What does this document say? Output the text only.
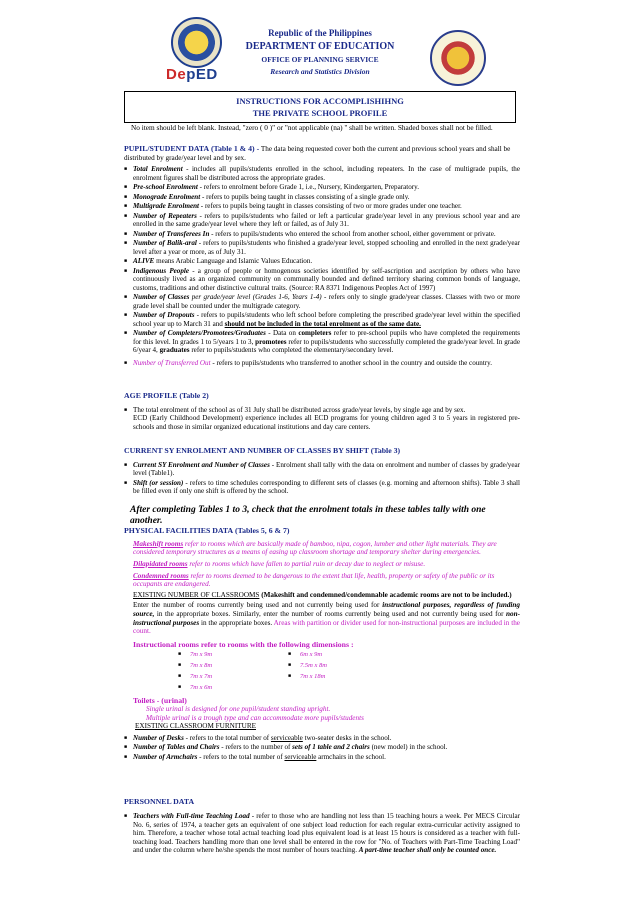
DepED
Republic of the Philippines
DEPARTMENT OF EDUCATION
OFFICE OF PLANNING SERVICE
Research and Statistics Division
INSTRUCTIONS FOR ACCOMPLISHIHNG
THE PRIVATE SCHOOL PROFILE
No item should be left blank. Instead, "zero ( 0 )" or "not applicable (na) " shall be written. Shaded boxes shall not be filled.
PUPIL/STUDENT DATA (Table 1 & 4) - The data being requested cover both the current and previous school years and shall be distributed by grade/year level and by sex.
■ Total Enrolment - includes all pupils/students enrolled in the school, including repeaters. In the case of multigrade pupils, the enrolment figures shall be distributed across the appropriate grades.
■ Pre-school Enrolment - refers to enrolment before Grade 1, i.e., Nursery, Kindergarten, Preparatory.
■ Monograde Enrolment - refers to pupils being taught in classes consisting of a single grade only.
■ Multigrade Enrolment - refers to pupils being taught in classes consisting of two or more grades under one teacher.
■ Number of Repeaters - refers to pupils/students who failed or left a particular grade/year level in any previous school year and are enrolled in the same grade/year level where they left or failed, as of July 31.
■ Number of Transferees In - refers to pupils/students who entered the school from another school, either government or private.
■ Number of Balik-aral - refers to pupils/students who finished a grade/year level, stopped schooling and enrolled in the next grade/year level after a year or more, as of July 31.
■ ALIVE means Arabic Language and Islamic Values Education.
■ Indigenous People - a group of people or homogenous societies identified by self-ascription and ascription by others who have continuously lived as an organized community on communally bounded and defined territory sharing common bonds of language, customs, traditions and other distinctive cultural traits. (Source: RA 8371 Indigenous Peoples Act of 1997)
■ Number of Classes per grade/year level (Grades 1-6, Years 1-4) - refers only to single grade/year classes. Classes with two or more grade level shall be counted under the multigrade category.
■ Number of Dropouts - refers to pupils/students who left school before completing the prescribed grade/year level within the specified school year up to March 31 and should not be included in the total enrolment as of the same date.
■ Number of Completers/Promotees/Graduates - Data on completers refer to pre-school pupils who have completed the requirements for this level. In grades 1 to 5/years 1 to 3, promotees refer to pupils/students who successfully completed the grade/year level. In grade 6/year 4, graduates refer to pupils/students who completed the elementary/secondary level.
■ Number of Transferred Out - refers to pupils/students who transferred to another school in the country and outside the country.
AGE PROFILE (Table 2)
■ The total enrolment of the school as of 31 July shall be distributed across grade/year levels, by single age and by sex.
ECD (Early Childhood Development) experience includes all ECD programs for young children aged 3 to 5 years in registered pre-schools and those in similar organized educational institutions and day care centers.
CURRENT SY ENROLMENT AND NUMBER OF CLASSES BY SHIFT (Table 3)
■ Current SY Enrolment and Number of Classes - Enrolment shall tally with the data on enrolment and number of classes by grade/year level (Table1).
■ Shift (or session) - refers to time schedules corresponding to different sets of classes (e.g. morning and afternoon shifts). Table 3 shall be filled even if only one shift is offered by the school.
After completing Tables 1 to 3, check that the enrolment totals in these tables tally with one another.
PHYSICAL FACILITIES DATA (Tables 5, 6 & 7)
Makeshift rooms refer to rooms which are basically made of bamboo, nipa, cogon, lumber and other light materials. They are considered temporary structures as a means of easing up classroom shortage and temporary shelter during emergencies.
Dilapidated rooms refer to rooms which have fallen to partial ruin or decay due to neglect or misuse.
Condemned rooms refer to rooms deemed to be dangerous to the extent that life, health, property or safety of the public or its occupants are endangered.
EXISTING NUMBER OF CLASSROOMS (Makeshift and condemned/condemnable academic rooms are not to be included.)
Enter the number of rooms currently being used and not currently being used for instructional purposes, regardless of funding source, in the appropriate boxes. Similarly, enter the number of rooms currently being used and not currently being used for non-instructional purposes in the appropriate boxes. Areas with partition or divider used for non-instructional purposes are included in the count.
Instructional rooms refer to rooms with the following dimensions :
■ 7m x 9m	■ 6m x 9m
■ 7m x 8m	■ 7.5m x 8m
■ 7m x 7m	■ 7m x 18m
■ 7m x 6m
Toilets - (urinal)
Single urinal is designed for one pupil/student standing upright.
Multiple urinal is a trough type and can accommodate more pupils/students
EXISTING CLASSROOM FURNITURE
■ Number of Desks - refers to the total number of serviceable two-seater desks in the school.
■ Number of Tables and Chairs - refers to the number of sets of 1 table and 2 chairs (new model) in the school.
■ Number of Armchairs - refers to the total number of serviceable armchairs in the school.
PERSONNEL DATA
■ Teachers with Full-time Teaching Load - refer to those who are handling not less than 15 teaching hours a week. Per MECS Circular No. 6, series of 1974, a teacher gets an equivalent of one subject load reduction for each regular extra-curricular activity assigned to him. Therefore, a teacher whose total actual teaching load plus equivalent load is at least 15 hours is considered as a teacher with full-teaching load. Teachers handling more than one level shall be entered in the row for "No. of Teachers with Part-Time Teaching Load" and under the column where he/she spends the most number of hours teaching. A part-time teacher shall only be counted once.
